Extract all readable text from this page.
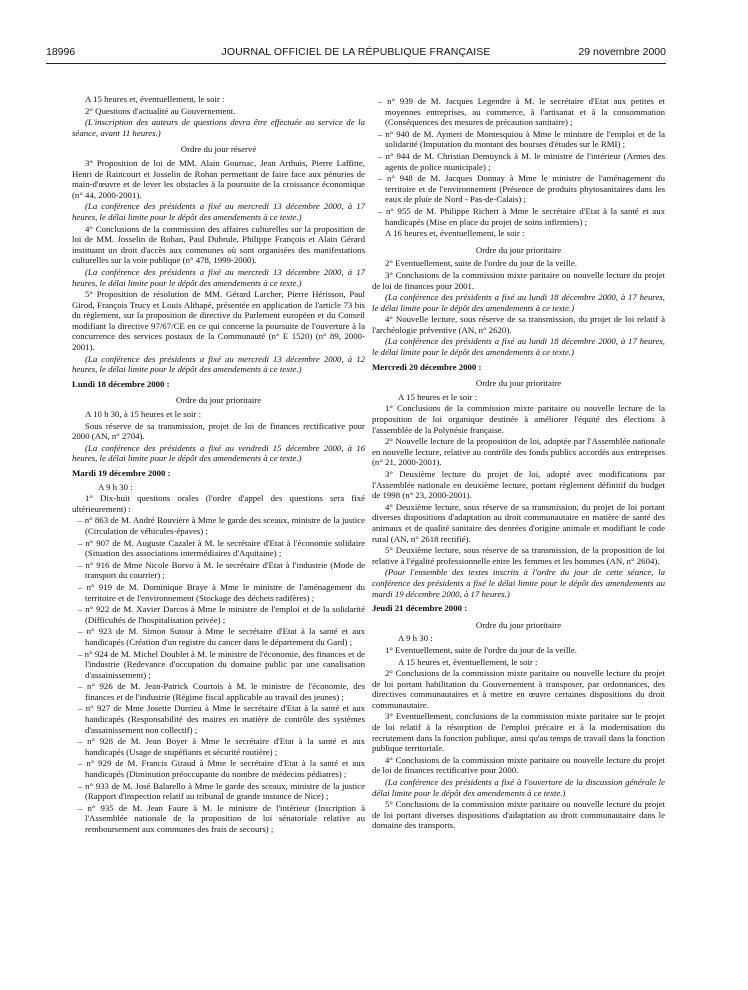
18996	JOURNAL OFFICIEL DE LA RÉPUBLIQUE FRANÇAISE	29 novembre 2000

A 15 heures et, éventuellement, le soir :

2° Questions d'actualité au Gouvernement.

(L'inscription des auteurs de questions devra être effectuée au service de la séance, avant 11 heures.)

Ordre du jour réservé

3° Proposition de loi de MM. Alain Gournac, Jean Arthuis, Pierre Laffitte, Henri de Raincourt et Josselin de Rohan permettant de faire face aux pénuries de main-d'œuvre et de lever les obstacles à la poursuite de la croissance économique (n° 44, 2000-2001).

(La conférence des présidents a fixé au mercredi 13 décembre 2000, à 17 heures, le délai limite pour le dépôt des amendements à ce texte.)

4° Conclusions de la commission des affaires culturelles sur la proposition de loi de MM. Josselin de Rohan, Paul Dubrule, Philippe François et Alain Gérard instituant un droit d'accès aux communes où sont organisées des manifestations culturelles sur la voie publique (n° 478, 1999-2000).

(La conférence des présidents a fixé au mercredi 13 décembre 2000, à 17 heures, le délai limite pour le dépôt des amendements à ce texte.)

5° Proposition de résolution de MM. Gérard Larcher, Pierre Hérisson, Paul Girod, François Trucy et Louis Althapé, présentée en application de l'article 73 bis du règlement, sur la proposition de directive du Parlement européen et du Conseil modifiant la directive 97/67/CE en ce qui concerne la poursuite de l'ouverture à la concurrence des services postaux de la Communauté (n° E 1520) (n° 89, 2000-2001).

(La conférence des présidents a fixé au mercredi 13 décembre 2000, à 12 heures, le délai limite pour le dépôt des amendements à ce texte.)

Lundi 18 décembre 2000 :

Ordre du jour prioritaire

A 10 h 30, à 15 heures et le soir :

Sous réserve de sa transmission, projet de loi de finances rectificative pour 2000 (AN, n° 2704).

(La conférence des présidents a fixé au vendredi 15 décembre 2000, à 16 heures, le délai limite pour le dépôt des amendements à ce texte.)

Mardi 19 décembre 2000 :

A 9 h 30 :

1° Dix-huit questions orales (l'ordre d'appel des questions sera fixé ultérieurement) :

– n° 863 de M. André Rouvière à Mme le garde des sceaux, ministre de la justice (Circulation de véhicules-épaves) ;

– n° 907 de M. Auguste Cazalet à M. le secrétaire d'Etat à l'économie solidaire (Situation des associations intermédiaires d'Aquitaine) ;

– n° 916 de Mme Nicole Borvo à M. le secrétaire d'Etat à l'industrie (Mode de transport du courrier) ;

– n° 919 de M. Dominique Braye à Mme le ministre de l'aménagement du territoire et de l'environnement (Stockage des déchets radifères) ;

– n° 922 de M. Xavier Darcos à Mme le ministre de l'emploi et de la solidarité (Difficultés de l'hospitalisation privée) ;

– n° 923 de M. Simon Sutour à Mme le secrétaire d'Etat à la santé et aux handicapés (Création d'un registre du cancer dans le département du Gard) ;

– n° 924 de M. Michel Doublet à M. le ministre de l'économie, des finances et de l'industrie (Redevance d'occupation du domaine public par une canalisation d'assainissement) ;

– n° 926 de M. Jean-Patrick Courtois à M. le ministre de l'économie, des finances et de l'industrie (Régime fiscal applicable au travail des jeunes) ;

– n° 927 de Mme Josette Durrieu à Mme le secrétaire d'Etat à la santé et aux handicapés (Responsabilité des maires en matière de contrôle des systèmes d'assainissement non collectif) ;

– n° 928 de M. Jean Boyer à Mme le secrétaire d'Etat à la santé et aux handicapés (Usage de stupéfiants et sécurité routière) ;

– n° 929 de M. Francis Giraud à Mme le secrétaire d'Etat à la santé et aux handicapés (Diminution préoccupante du nombre de médecins pédiatres) ;

– n° 933 de M. José Balarello à Mme le garde des sceaux, ministre de la justice (Rapport d'inspection relatif au tribunal de grande instance de Nice) ;

– n° 935 de M. Jean Faure à M. le ministre de l'intérieur (Inscription à l'Assemblée nationale de la proposition de loi sénatoriale relative au remboursement aux communes des frais de secours) ;

– n° 939 de M. Jacques Legendre à M. le secrétaire d'Etat aux petites et moyennes entreprises, au commerce, à l'artisanat et à la consommation (Conséquences des mesures de précaution sanitaire) ;

– n° 940 de M. Aymeri de Montesquiou à Mme le ministre de l'emploi et de la solidarité (Imputation du montant des bourses d'études sur le RMI) ;

– n° 944 de M. Christian Demuynck à M. le ministre de l'intérieur (Armes des agents de police municipale) ;

– n° 948 de M. Jacques Donnay à Mme le ministre de l'aménagement du territoire et de l'environnement (Présence de produits phytosanitaires dans les eaux de pluie de Nord - Pas-de-Calais) ;

– n° 955 de M. Philippe Richert à Mme le secrétaire d'Etat à la santé et aux handicapés (Mise en place du projet de soins infirmiers) ;

A 16 heures et, éventuellement, le soir :

Ordre du jour prioritaire

2° Eventuellement, suite de l'ordre du jour de la veille.

3° Conclusions de la commission mixte paritaire ou nouvelle lecture du projet de loi de finances pour 2001.

(La conférence des présidents a fixé au lundi 18 décembre 2000, à 17 heures, le délai limite pour le dépôt des amendements à ce texte.)

4° Nouvelle lecture, sous réserve de sa transmission, du projet de loi relatif à l'archéologie préventive (AN, n° 2620).

(La conférence des présidents a fixé au lundi 18 décembre 2000, à 17 heures, le délai limite pour le dépôt des amendements à ce texte.)

Mercredi 20 décembre 2000 :

Ordre du jour prioritaire

A 15 heures et le soir :

1° Conclusions de la commission mixte paritaire ou nouvelle lecture de la proposition de loi organique destinée à améliorer l'équité des élections à l'assemblée de la Polynésie française.

2° Nouvelle lecture de la proposition de loi, adoptée par l'Assemblée nationale en nouvelle lecture, relative au contrôle des fonds publics accordés aux entreprises (n° 21, 2000-2001).

3° Deuxième lecture du projet de loi, adopté avec modifications par l'Assemblée nationale en deuxième lecture, portant règlement définitif du budget de 1998 (n° 23, 2000-2001).

4° Deuxième lecture, sous réserve de sa transmission, du projet de loi portant diverses dispositions d'adaptation au droit communautaire en matière de santé des animaux et de qualité sanitaire des denrées d'origine animale et modifiant le code rural (AN, n° 2618 rectifié).

5° Deuxième lecture, sous réserve de sa transmission, de la proposition de loi relative à l'égalité professionnelle entre les femmes et les hommes (AN, n° 2604).

(Pour l'ensemble des textes inscrits à l'ordre du jour de cette séance, la conférence des présidents a fixé le délai limite pour le dépôt des amendements au mardi 19 décembre 2000, à 17 heures.)

Jeudi 21 décembre 2000 :

Ordre du jour prioritaire

A 9 h 30 :

1° Eventuellement, suite de l'ordre du jour de la veille.

A 15 heures et, éventuellement, le soir :

2° Conclusions de la commission mixte paritaire ou nouvelle lecture du projet de loi portant habilitation du Gouvernement à transposer, par ordonnances, des directives communautaires et à mettre en œuvre certaines dispositions du droit communautaire.

3° Eventuellement, conclusions de la commission mixte paritaire sur le projet de loi relatif à la résorption de l'emploi précaire et à la modernisation du recrutement dans la fonction publique, ainsi qu'au temps de travail dans la fonction publique territoriale.

4° Conclusions de la commission mixte paritaire ou nouvelle lecture du projet de loi de finances rectificative pour 2000.

(La conférence des présidents a fixé à l'ouverture de la discussion générale le délai limite pour le dépôt des amendements à ce texte.)

5° Conclusions de la commission mixte paritaire ou nouvelle lecture du projet de loi portant diverses dispositions d'adaptation au droit communautaire dans le domaine des transports.
